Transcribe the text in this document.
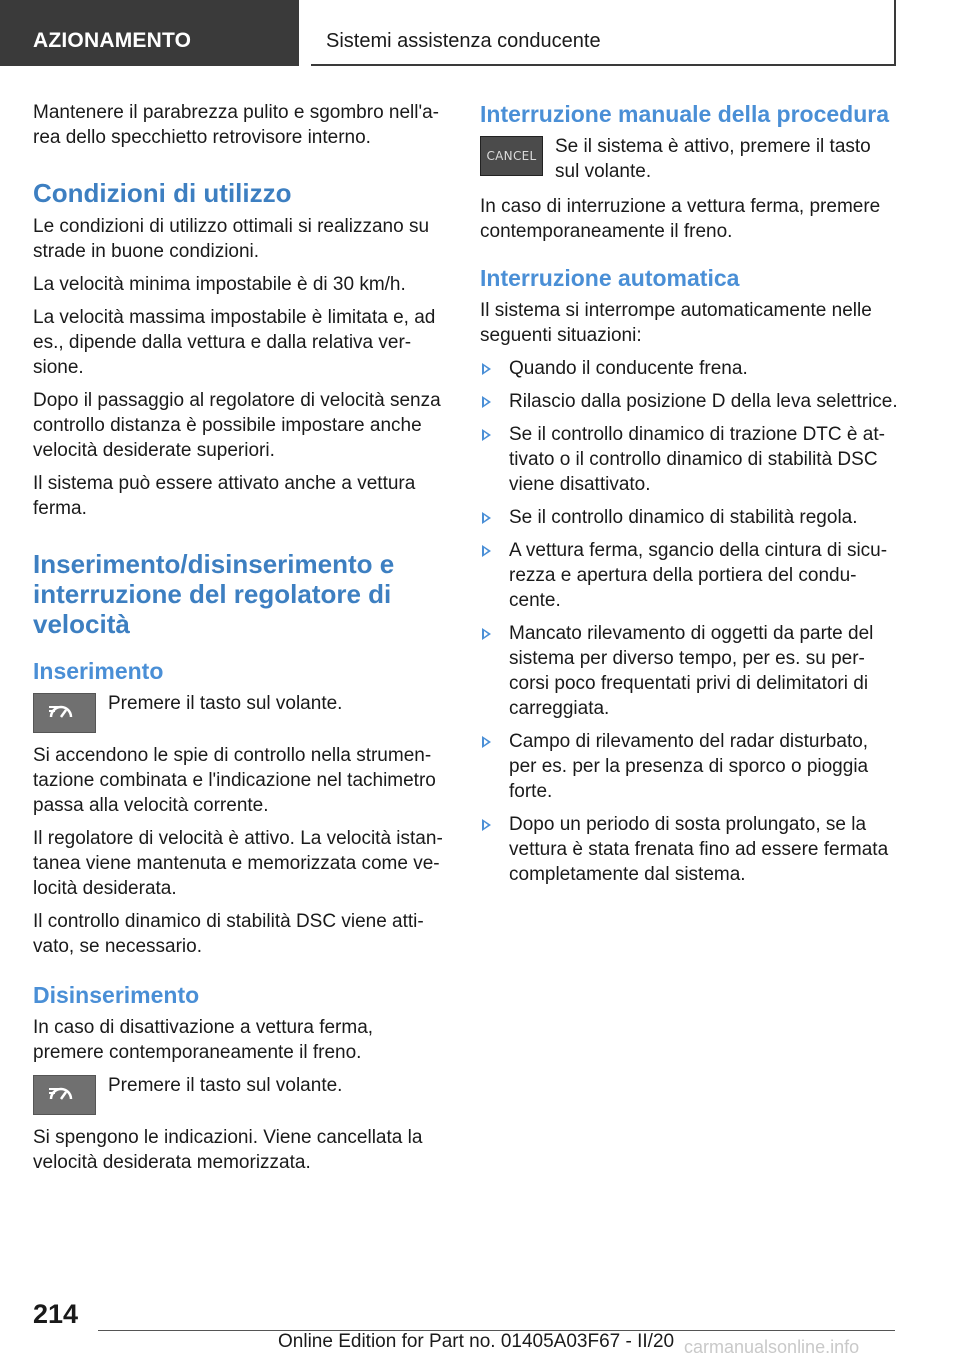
AZIONAMENTO	Sistemi assistenza conducente

Mantenere il parabrezza pulito e sgombro nell'a-rea dello specchietto retrovisore interno.

Condizioni di utilizzo

Le condizioni di utilizzo ottimali si realizzano su strade in buone condizioni.

La velocità minima impostabile è di 30 km/h.

La velocità massima impostabile è limitata e, ad es., dipende dalla vettura e dalla relativa ver-sione.

Dopo il passaggio al regolatore di velocità senza controllo distanza è possibile impostare anche velocità desiderate superiori.

Il sistema può essere attivato anche a vettura ferma.

Inserimento/disinserimento e interruzione del regolatore di velocità
Inserimento

Premere il tasto sul volante.

Si accendono le spie di controllo nella strumen-tazione combinata e l'indicazione nel tachimetro passa alla velocità corrente.

Il regolatore di velocità è attivo. La velocità istan-tanea viene mantenuta e memorizzata come ve-locità desiderata.

Il controllo dinamico di stabilità DSC viene atti-vato, se necessario.

Disinserimento

In caso di disattivazione a vettura ferma, premere contemporaneamente il freno.

Premere il tasto sul volante.

Si spengono le indicazioni. Viene cancellata la velocità desiderata memorizzata.

Interruzione manuale della procedura
CANCEL Se il sistema è attivo, premere il tasto sul volante.

In caso di interruzione a vettura ferma, premere contemporaneamente il freno.

Interruzione automatica

Il sistema si interrompe automaticamente nelle seguenti situazioni:

Quando il conducente frena.
Rilascio dalla posizione D della leva selettrice.
Se il controllo dinamico di trazione DTC è at-tivato o il controllo dinamico di stabilità DSC viene disattivato.
Se il controllo dinamico di stabilità regola.
A vettura ferma, sgancio della cintura di sicu-rezza e apertura della portiera del condu-cente.
Mancato rilevamento di oggetti da parte del sistema per diverso tempo, per es. su per-corsi poco frequentati privi di delimitatori di carreggiata.
Campo di rilevamento del radar disturbato, per es. per la presenza di sporco o pioggia forte.
Dopo un periodo di sosta prolungato, se la vettura è stata frenata fino ad essere fermata completamente dal sistema.
214
Online Edition for Part no. 01405A03F67 - II/20 carmanualsonline.info
